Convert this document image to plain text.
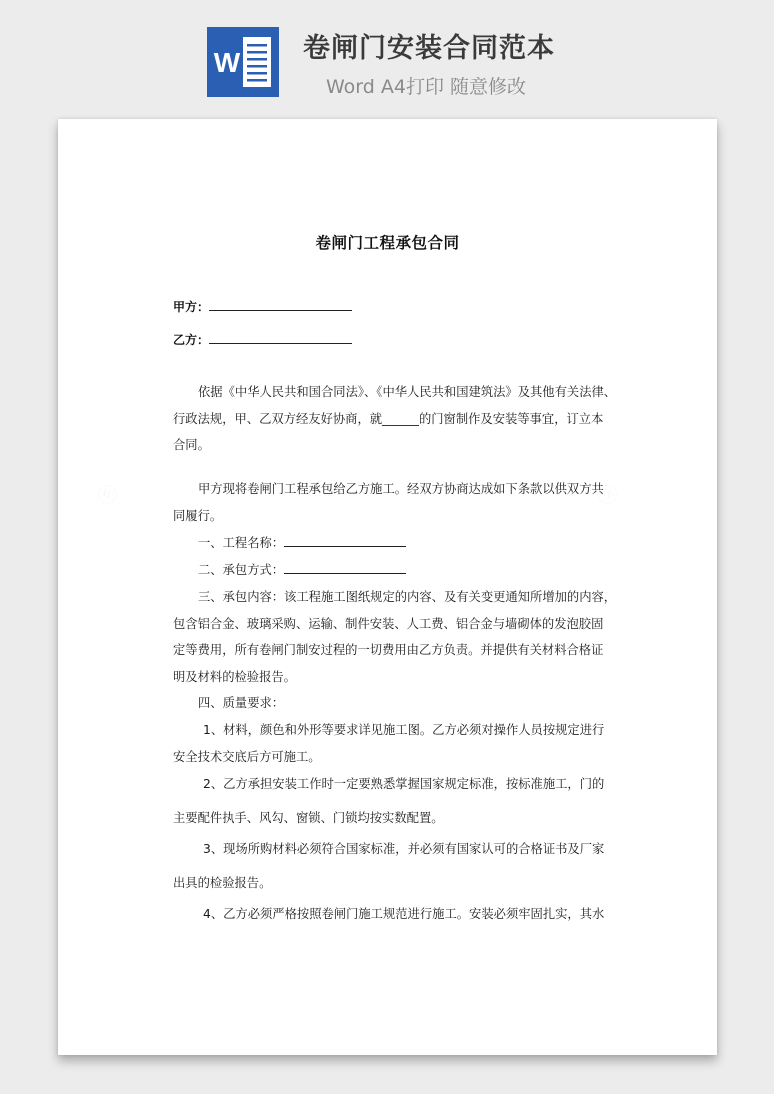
W 卷闸门安装合同范本
Word A4打印 随意修改
卷闸门工程承包合同
甲方：
乙方：
依据《中华人民共和国合同法》、《中华人民共和国建筑法》及其他有关法律、
行政法规，甲、乙双方经友好协商，就______的门窗制作及安装等事宜，订立本
合同。
甲方现将卷闸门工程承包给乙方施工。经双方协商达成如下条款以供双方共
同履行。
一、工程名称：
二、承包方式：
三、承包内容：该工程施工图纸规定的内容、及有关变更通知所增加的内容，
包含铝合金、玻璃采购、运输、制件安装、人工费、铝合金与墙砌体的发泡胶固
定等费用，所有卷闸门制安过程的一切费用由乙方负责。并提供有关材料合格证
明及材料的检验报告。
四、质量要求：
1、材料，颜色和外形等要求详见施工图。乙方必须对操作人员按规定进行
安全技术交底后方可施工。
2、乙方承担安装工作时一定要熟悉掌握国家规定标准，按标准施工，门的
主要配件执手、风勾、窗锁、门锁均按实数配置。
3、现场所购材料必须符合国家标准，并必须有国家认可的合格证书及厂家
出具的检验报告。
4、乙方必须严格按照卷闸门施工规范进行施工。安装必须牢固扎实，其水
